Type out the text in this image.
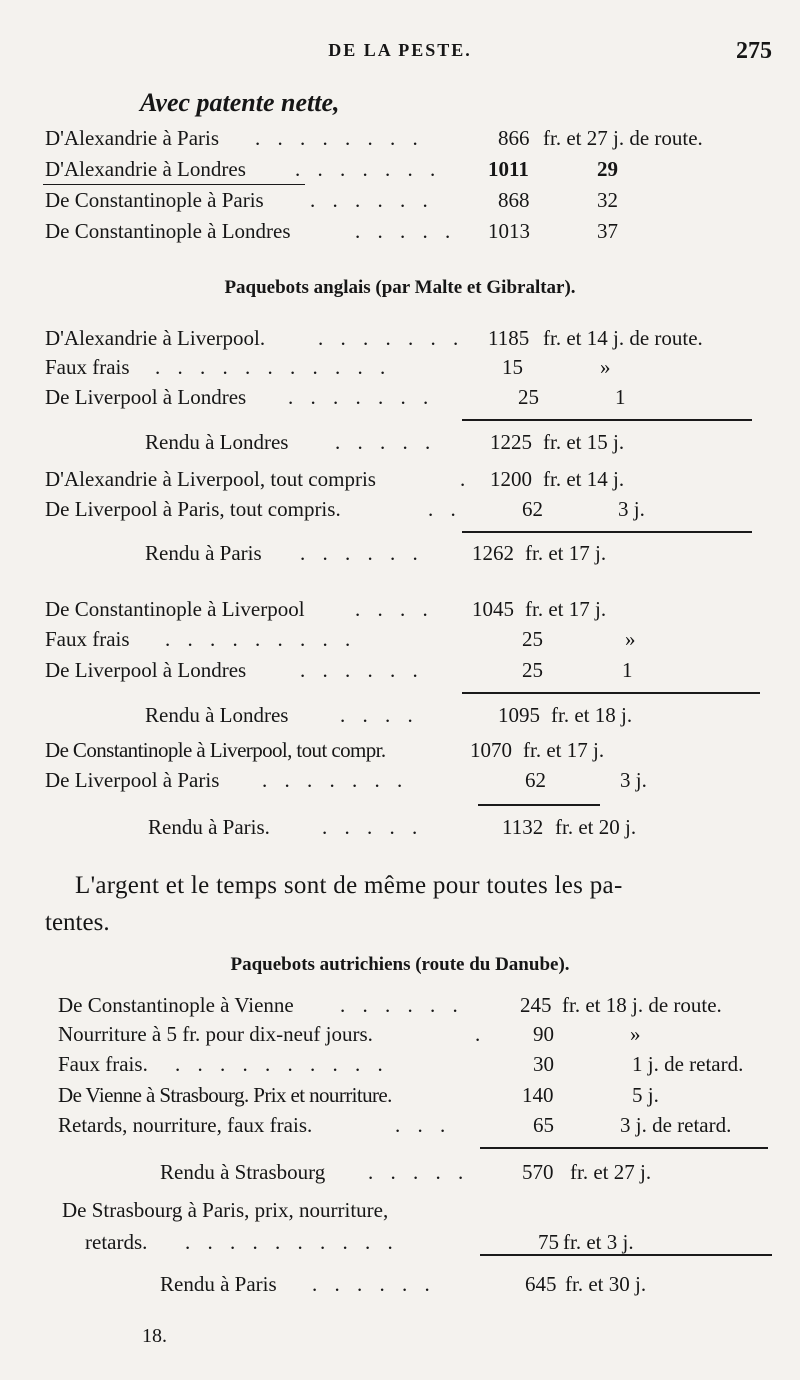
DE LA PESTE.	275
Avec patente nette,
D'Alexandrie à Paris . . . . . . . .	866 fr. et 27 j. de route.
D'Alexandrie à Londres . . . . . . . 1011	29
De Constantinople à Paris . . . . . .	868	32
De Constantinople à Londres	. . . . . 1013	37
Paquebots anglais (par Malte et Gibraltar).
D'Alexandrie à Liverpool.	. . . . . . . 1185 fr. et 14 j. de route.
Faux frais . . . . . . . . . . .	15	»
De Liverpool à Londres . . . . . . .	25	1
Rendu à Londres . . . . .	1225 fr. et 15 j.
D'Alexandrie à Liverpool, tout compris	. 1200 fr. et 14 j.
De Liverpool à Paris, tout compris.	. .	62	3 j.
Rendu à Paris . . . . . . 1262 fr. et 17 j.
De Constantinople à Liverpool . . . . 1045 fr. et 17 j.
Faux frais . . . . . . . . .	25	»
De Liverpool à Londres	. . . . . .	25	1
Rendu à Londres . . . .	1095 fr. et 18 j.
De Constantinople à Liverpool, tout compr.	1070 fr. et 17 j.
De Liverpool à Paris . . . . . . .	62	3 j.
Rendu à Paris. . . . . .	1132 fr. et 20 j.
L'argent et le temps sont de même pour toutes les pa-
tentes.
Paquebots autrichiens (route du Danube).
De Constantinople à Vienne . . . . . .	245 fr. et 18 j. de route.
Nourriture à 5 fr. pour dix-neuf jours.	. 90	»
Faux frais. . . . . . . . . . .	30	1 j. de retard.
De Vienne à Strasbourg. Prix et nourriture.	140	5 j.
Retards, nourriture, faux frais.	. . .	65	3 j. de retard.
Rendu à Strasbourg . . . . .	570 fr. et 27 j.
De Strasbourg à Paris, prix, nourriture,
retards. . . . . . . . . . .	75 fr. et 3 j.
Rendu à Paris . . . . . .	645 fr. et 30 j.
18.
